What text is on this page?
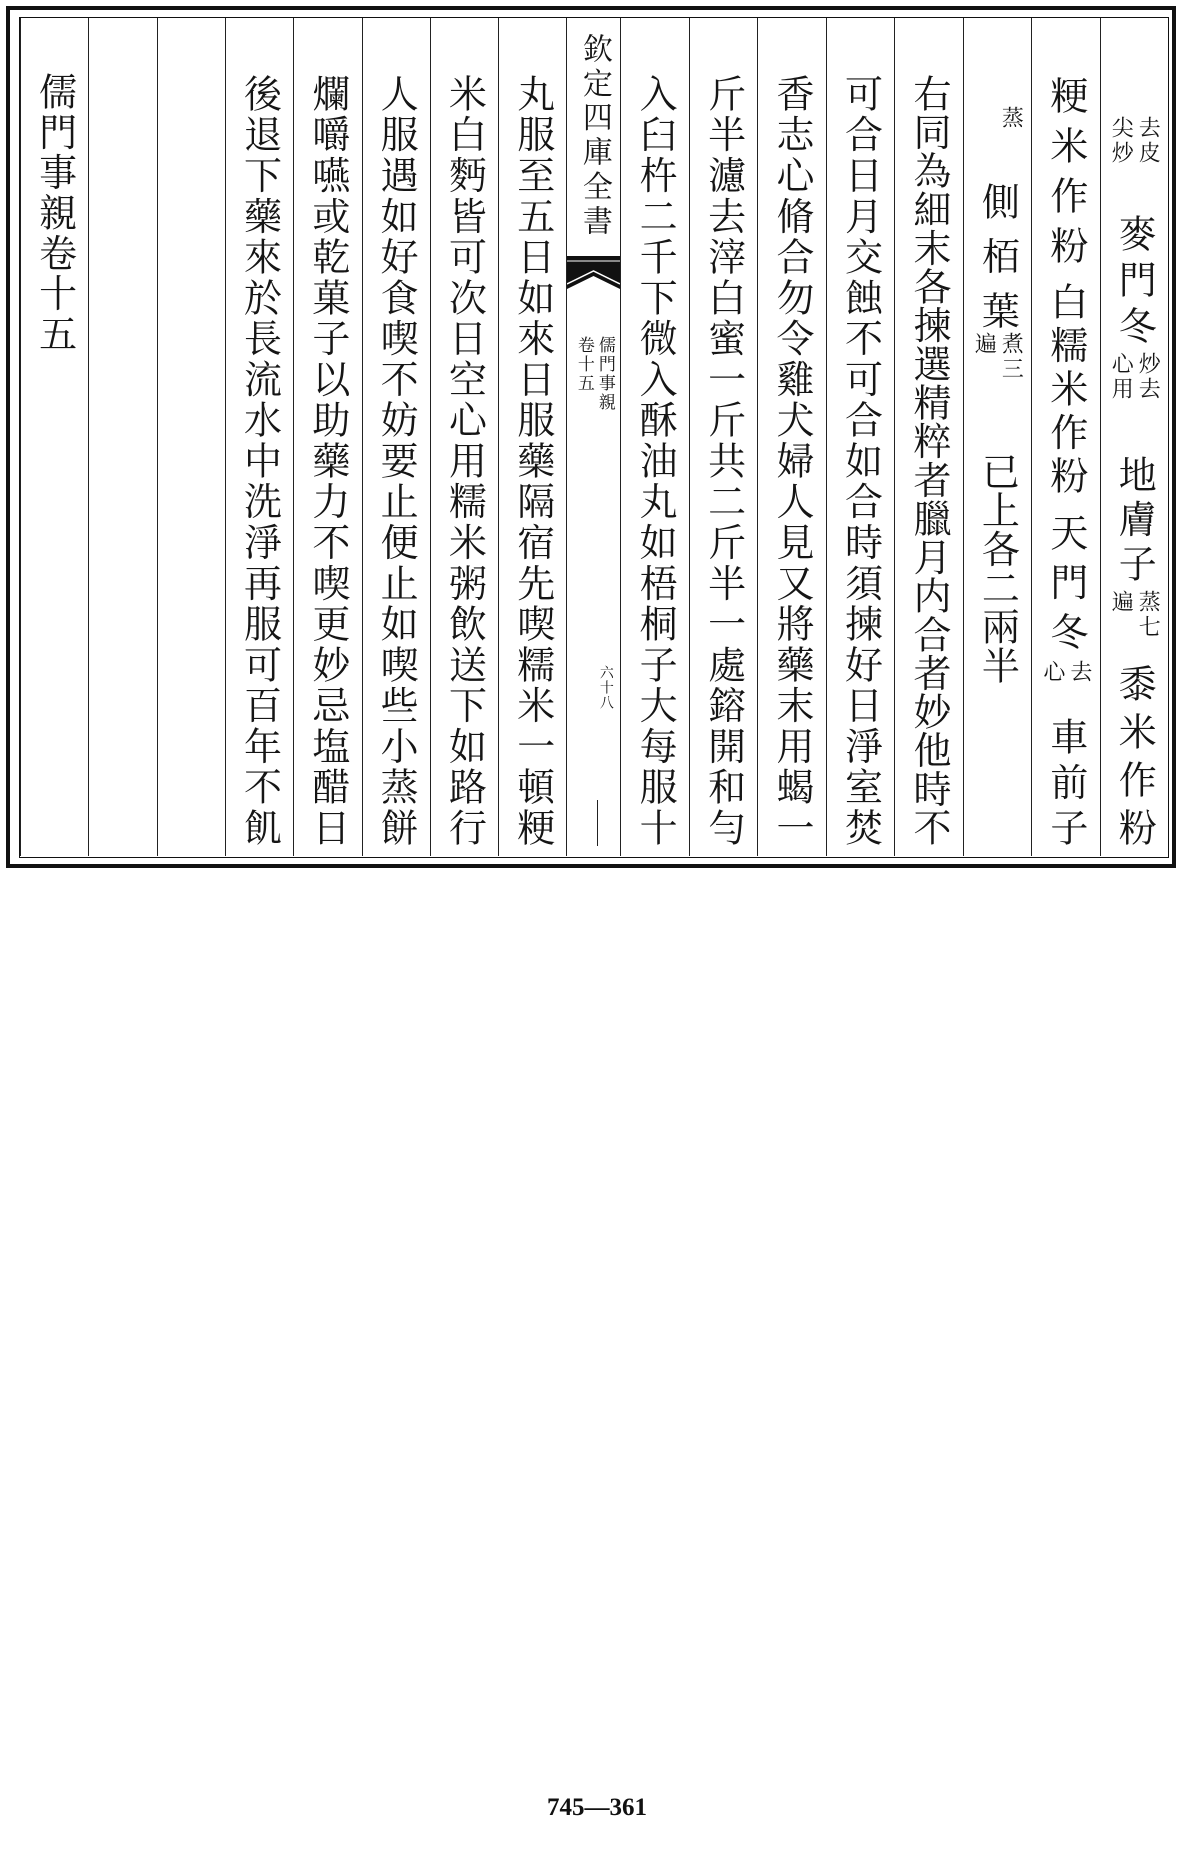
去皮
尖炒
麥門冬
炒去
心用
地膚子
蒸七
遍
黍米作粉
粳米作粉
白糯米作粉
天門冬
去
心
車前子
蒸
側栢葉
煮三
遍
已上各二兩半
右同為細末各揀選精粹者臘月内合者妙他時不
可合日月交蝕不可合如合時須揀好日淨室焚
香志心脩合勿令雞犬婦人見又將藥末用蝎一
斤半濾去滓白蜜一斤共二斤半一處鎔開和勻
入臼杵二千下微入酥油丸如梧桐子大每服十
欽定四庫全書
儒門事親
卷十五
六十八
丸服至五日如來日服藥隔宿先喫糯米一頓粳
米白麪皆可次日空心用糯米粥飲送下如路行
人服遇如好食喫不妨要止便止如喫些小蒸餅
爛嚼嚥或乾菓子以助藥力不喫更妙忌塩醋日
後退下藥來於長流水中洗淨再服可百年不飢
儒門事親卷十五
745—361
